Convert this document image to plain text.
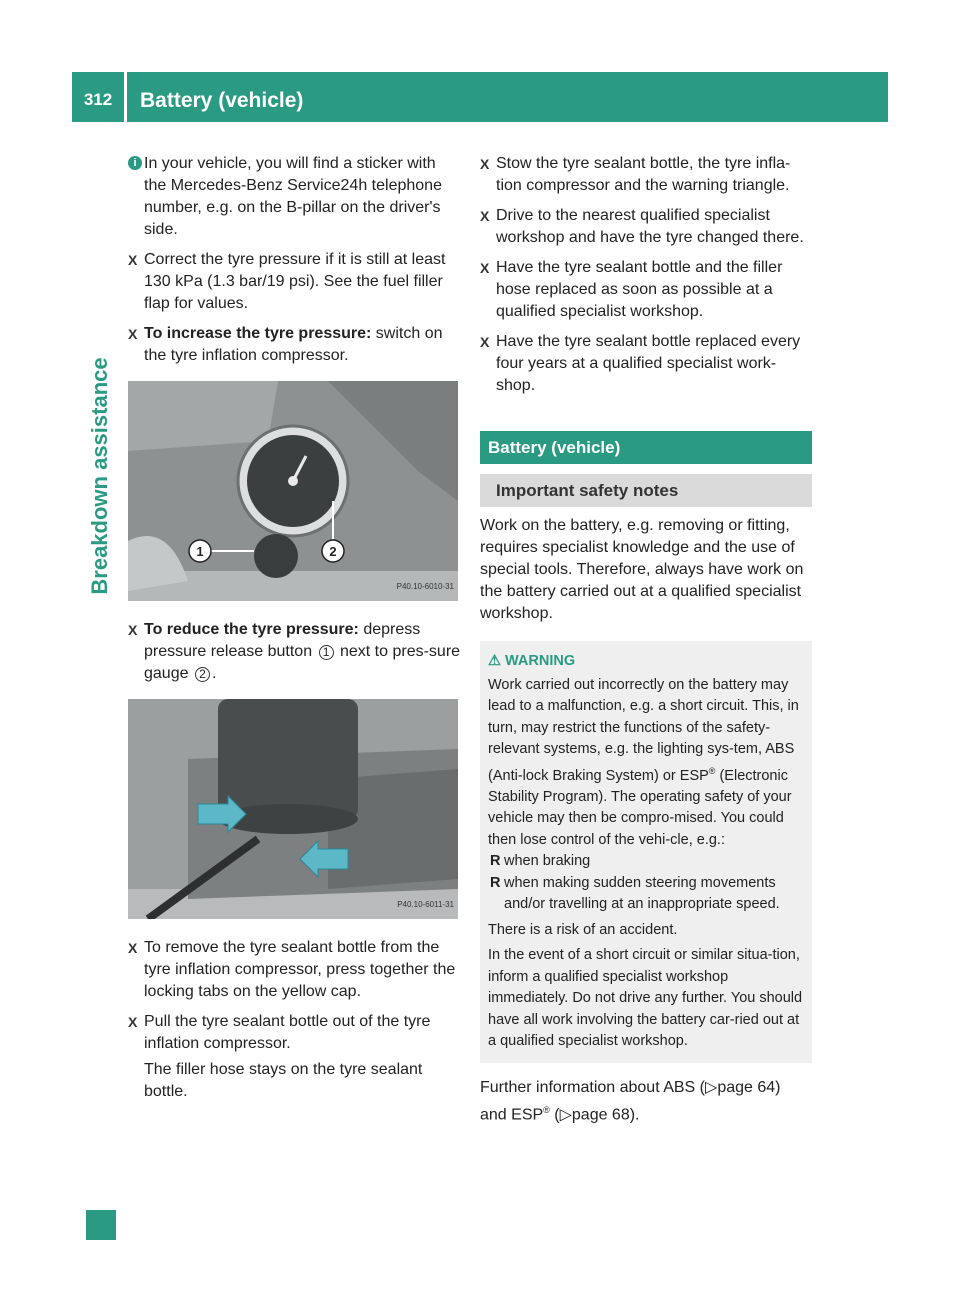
312	Battery (vehicle)
Breakdown assistance
i In your vehicle, you will find a sticker with the Mercedes-Benz Service24h telephone number, e.g. on the B-pillar on the driver's side.
X Correct the tyre pressure if it is still at least 130 kPa (1.3 bar/19 psi). See the fuel filler flap for values.
X To increase the tyre pressure: switch on the tyre inflation compressor.
1	2
P40.10-6010-31
X To reduce the tyre pressure: depress pressure release button 1 next to pres-sure gauge 2 .
P40.10-6011-31
X To remove the tyre sealant bottle from the tyre inflation compressor, press together the locking tabs on the yellow cap.
X Pull the tyre sealant bottle out of the tyre inflation compressor.

The filler hose stays on the tyre sealant bottle.

X Stow the tyre sealant bottle, the tyre infla-tion compressor and the warning triangle.
X Drive to the nearest qualified specialist workshop and have the tyre changed there.
X Have the tyre sealant bottle and the filler hose replaced as soon as possible at a qualified specialist workshop.
X Have the tyre sealant bottle replaced every four years at a qualified specialist work-shop.
Battery (vehicle)
Important safety notes

Work on the battery, e.g. removing or fitting, requires specialist knowledge and the use of special tools. Therefore, always have work on the battery carried out at a qualified specialist workshop.

⚠ WARNING

Work carried out incorrectly on the battery may lead to a malfunction, e.g. a short circuit. This, in turn, may restrict the functions of the safety-relevant systems, e.g. the lighting sys-tem, ABS (Anti-lock Braking System) or ESP® (Electronic Stability Program). The operating safety of your vehicle may then be compro-mised. You could then lose control of the vehi-cle, e.g.:

R when braking
R when making sudden steering movements
and/or travelling at an inappropriate speed.

There is a risk of an accident.

In the event of a short circuit or similar situa-tion, inform a qualified specialist workshop immediately. Do not drive any further. You should have all work involving the battery car-ried out at a qualified specialist workshop.

Further information about ABS (▷page 64)
and ESP® (▷page 68).
